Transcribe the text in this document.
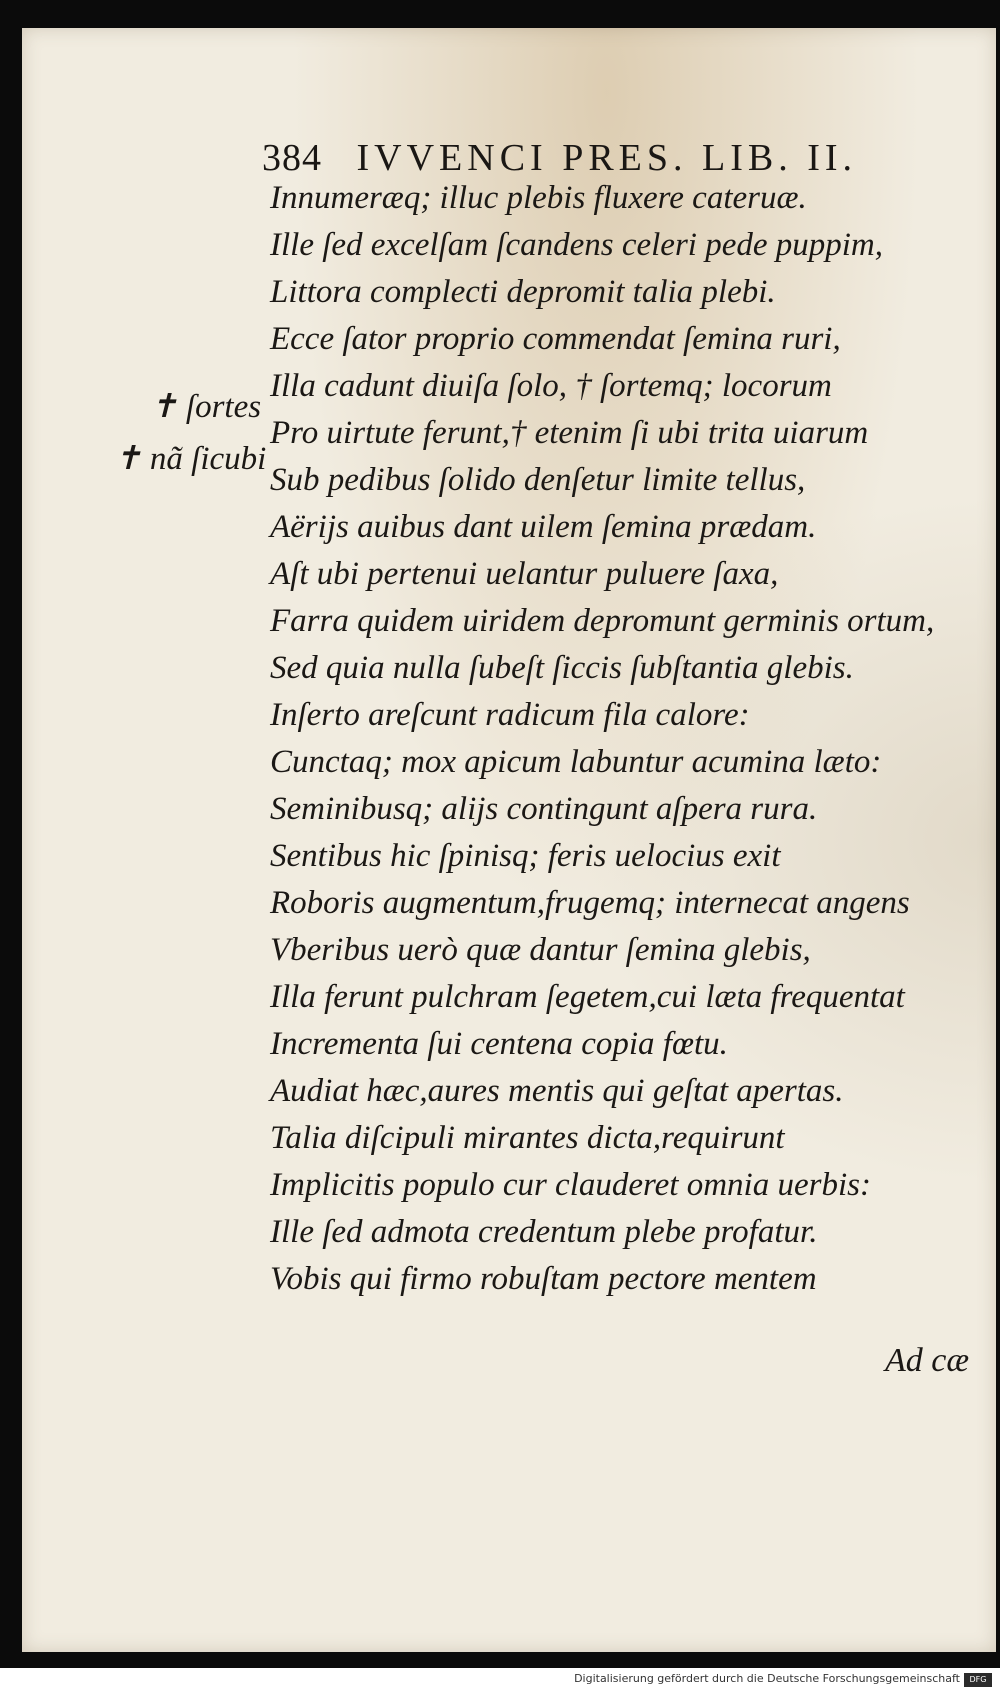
384 IVVENCI PRES. LIB. II.
✝ ſortes
✝ nã ſicubi
Innumeræq; illuc plebis fluxere cateruæ.
Ille ſed excelſam ſcandens celeri pede puppim,
Littora complecti depromit talia plebi.
Ecce ſator proprio commendat ſemina ruri,
Illa cadunt diuiſa ſolo, † ſortemq; locorum
Pro uirtute ferunt,† etenim ſi ubi trita uiarum
Sub pedibus ſolido denſetur limite tellus,
Aërijs auibus dant uilem ſemina prædam.
Aſt ubi pertenui uelantur puluere ſaxa,
Farra quidem uiridem depromunt germinis ortum,
Sed quia nulla ſubeſt ſiccis ſubſtantia glebis.
Inſerto areſcunt radicum fila calore:
Cunctaq; mox apicum labuntur acumina læto:
Seminibusq; alijs contingunt aſpera rura.
Sentibus hic ſpinisq; feris uelocius exit
Roboris augmentum,frugemq; internecat angens
Vberibus uerò quæ dantur ſemina glebis,
Illa ferunt pulchram ſegetem,cui læta frequentat
Incrementa ſui centena copia fœtu.
Audiat hæc,aures mentis qui geſtat apertas.
Talia diſcipuli mirantes dicta,requirunt
Implicitis populo cur clauderet omnia uerbis:
Ille ſed admota credentum plebe profatur.
Vobis qui firmo robuſtam pectore mentem
Ad cæ
Digitalisierung gefördert durch die Deutsche Forschungsgemeinschaft	DFG
